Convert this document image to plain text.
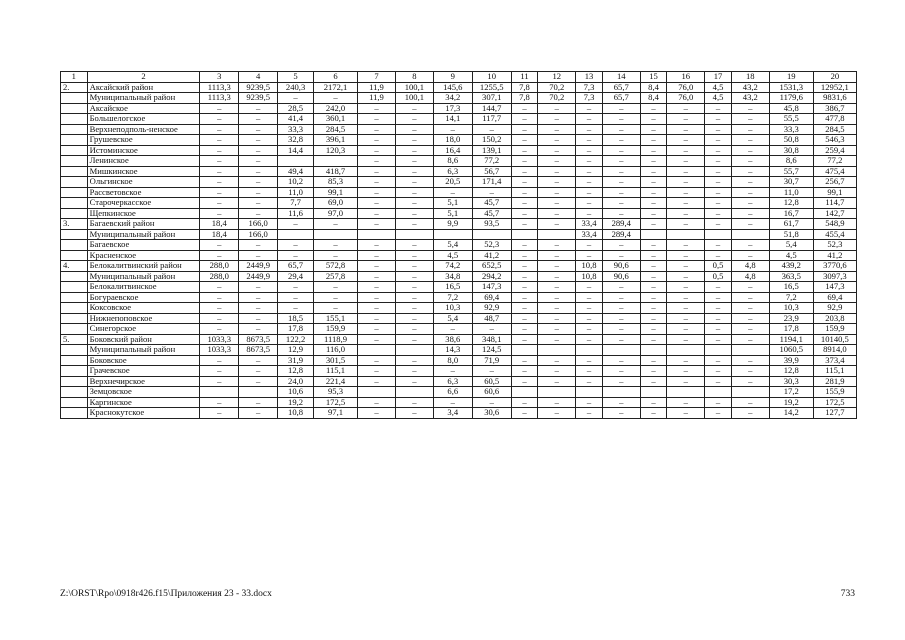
1	2	3	4	5	6	7	8	9	10	11	12	13	14	15	16	17	18	19	20
2.	Аксайский район	1113,3	9239,5	240,3	2172,1	11,9	100,1	145,6	1255,5	7,8	70,2	7,3	65,7	8,4	76,0	4,5	43,2	1531,3	12952,1
	Муниципальный район	1113,3	9239,5	–	–	11,9	100,1	34,2	307,1	7,8	70,2	7,3	65,7	8,4	76,0	4,5	43,2	1179,6	9831,6
	Аксайское	–	–	28,5	242,0	–	–	17,3	144,7	–	–	–	–	–	–	–	–	45,8	386,7
	Большелогское	–	–	41,4	360,1	–	–	14,1	117,7	–	–	–	–	–	–	–	–	55,5	477,8
	Верхнеподполь-ненское	–	–	33,3	284,5	–	–	–	–	–	–	–	–	–	–	–	–	33,3	284,5
	Грушевское	–	–	32,8	396,1	–	–	18,0	150,2	–	–	–	–	–	–	–	–	50,8	546,3
	Истоминское	–	–	14,4	120,3	–	–	16,4	139,1	–	–	–	–	–	–	–	–	30,8	259,4
	Ленинское	–	–			–	–	8,6	77,2	–	–	–	–	–	–	–	–	8,6	77,2
	Мишкинское	–	–	49,4	418,7	–	–	6,3	56,7	–	–	–	–	–	–	–	–	55,7	475,4
	Ольгинское	–	–	10,2	85,3	–	–	20,5	171,4	–	–	–	–	–	–	–	–	30,7	256,7
	Рассветовское	–	–	11,0	99,1	–	–	–	–	–	–	–	–	–	–	–	–	11,0	99,1
	Старочеркасское	–	–	7,7	69,0	–	–	5,1	45,7	–	–	–	–	–	–	–	–	12,8	114,7
	Щепкинское	–	–	11,6	97,0	–	–	5,1	45,7	–	–	–	–	–	–	–	–	16,7	142,7
3.	Багаевский район	18,4	166,0	–	–	–	–	9,9	93,5	–	–	33,4	289,4	–	–	–	–	61,7	548,9
	Муниципальный район	18,4	166,0									33,4	289,4					51,8	455,4
	Багаевское	–	–	–	–	–	–	5,4	52,3	–	–	–	–	–	–	–	–	5,4	52,3
	Красненское	–	–	–	–	–	–	4,5	41,2	–	–	–	–	–	–	–	–	4,5	41,2
4.	Белокалитвинский район	288,0	2449,9	65,7	572,8	–	–	74,2	652,5	–	–	10,8	90,6	–	–	0,5	4,8	439,2	3770,6
	Муниципальный район	288,0	2449,9	29,4	257,8	–	–	34,8	294,2	–	–	10,8	90,6	–	–	0,5	4,8	363,5	3097,3
	Белокалитвинское	–	–	–	–	–	–	16,5	147,3	–	–	–	–	–	–	–	–	16,5	147,3
	Богураевское	–	–	–	–	–	–	7,2	69,4	–	–	–	–	–	–	–	–	7,2	69,4
	Коксовское	–	–	–	–	–	–	10,3	92,9	–	–	–	–	–	–	–	–	10,3	92,9
	Нижнепоповское	–	–	18,5	155,1	–	–	5,4	48,7	–	–	–	–	–	–	–	–	23,9	203,8
	Синегорское	–	–	17,8	159,9	–	–	–	–	–	–	–	–	–	–	–	–	17,8	159,9
5.	Боковский район	1033,3	8673,5	122,2	1118,9	–	–	38,6	348,1	–	–	–	–	–	–	–	–	1194,1	10140,5
	Муниципальный район	1033,3	8673,5	12,9	116,0			14,3	124,5									1060,5	8914,0
	Боковское	–	–	31,9	301,5	–	–	8,0	71,9	–	–	–	–	–	–	–	–	39,9	373,4
	Грачевское	–	–	12,8	115,1	–	–	–	–	–	–	–	–	–	–	–	–	12,8	115,1
	Верхнечирское	–	–	24,0	221,4	–	–	6,3	60,5	–	–	–	–	–	–	–	–	30,3	281,9
	Земцовское			10,6	95,3			6,6	60,6									17,2	155,9
	Каргинское	–	–	19,2	172,5	–	–	–	–	–	–	–	–	–	–	–	–	19,2	172,5
	Краснокутское	–	–	10,8	97,1	–	–	3,4	30,6	–	–	–	–	–	–	–	–	14,2	127,7
Z:\ORST\Rpo\0918r426.f15\Приложения 23 - 33.docx	733
